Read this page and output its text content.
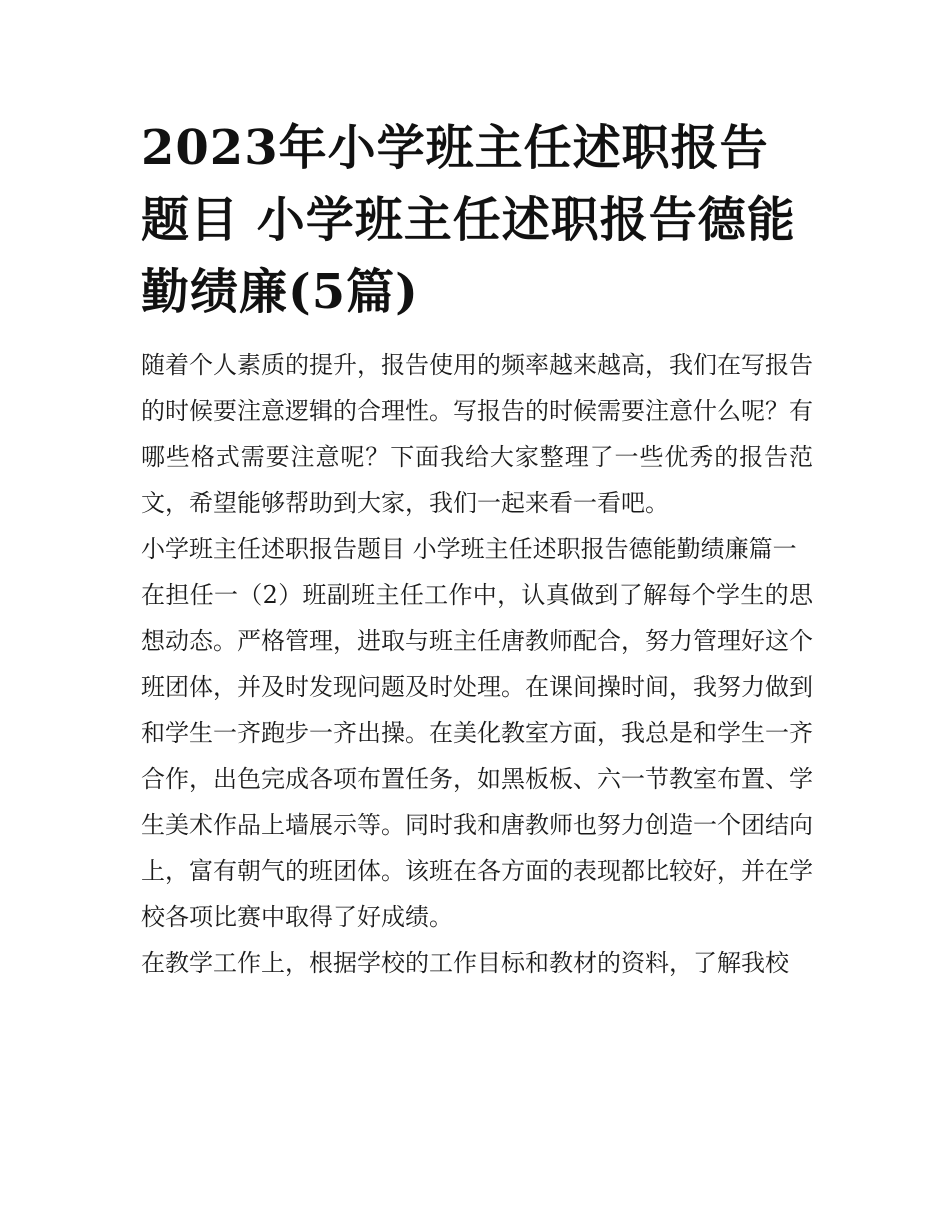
2023年小学班主任述职报告题目 小学班主任述职报告德能勤绩廉(5篇)

随着个人素质的提升，报告使用的频率越来越高，我们在写报告的时候要注意逻辑的合理性。写报告的时候需要注意什么呢？有哪些格式需要注意呢？下面我给大家整理了一些优秀的报告范文，希望能够帮助到大家，我们一起来看一看吧。

小学班主任述职报告题目 小学班主任述职报告德能勤绩廉篇一

在担任一（2）班副班主任工作中，认真做到了解每个学生的思想动态。严格管理，进取与班主任唐教师配合，努力管理好这个班团体，并及时发现问题及时处理。在课间操时间，我努力做到和学生一齐跑步一齐出操。在美化教室方面，我总是和学生一齐合作，出色完成各项布置任务，如黑板板、六一节教室布置、学生美术作品上墙展示等。同时我和唐教师也努力创造一个团结向上，富有朝气的班团体。该班在各方面的表现都比较好，并在学校各项比赛中取得了好成绩。

在教学工作上，根据学校的工作目标和教材的资料，了解我校
